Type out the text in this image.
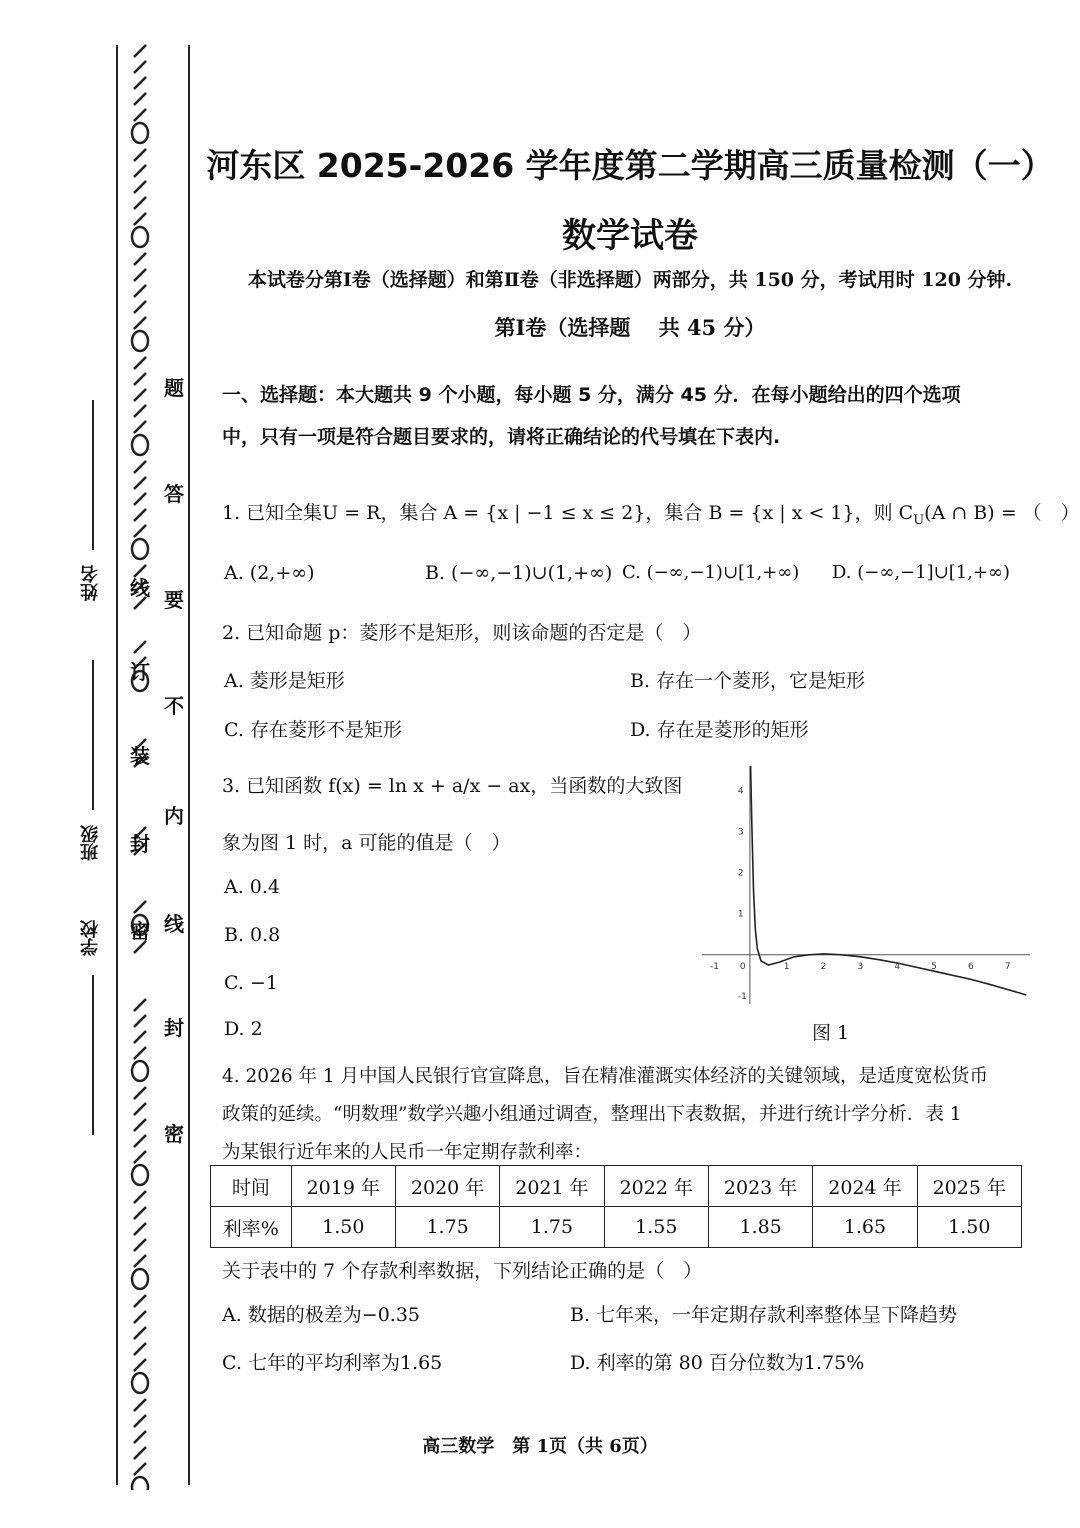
密
封
装
订
线
密
封
线
内
不
要
答
题
姓名
班级
学校
河东区 2025-2026 学年度第二学期高三质量检测（一）
数学试卷
本试卷分第Ⅰ卷（选择题）和第Ⅱ卷（非选择题）两部分，共 150 分，考试用时 120 分钟.
第Ⅰ卷（选择题　 共 45 分）
一、选择题：本大题共 9 个小题，每小题 5 分，满分 45 分．在每小题给出的四个选项
中，只有一项是符合题目要求的，请将正确结论的代号填在下表内.
1. 已知全集U = R，集合 A = {x | −1 ≤ x ≤ 2}，集合 B = {x | x < 1}，则 $C_U(A$ ∩ B) = （　）
A. (2,+∞)	B. (−∞,−1)∪(1,+∞) C. (−∞,−1)∪[1,+∞) D. (−∞,−1]∪[1,+∞)
2. 已知命题 p：菱形不是矩形，则该命题的否定是（　）
A. 菱形是矩形	B. 存在一个菱形，它是矩形
C. 存在菱形不是矩形	D. 存在是菱形的矩形
3. 已知函数 f(x) = ln x + a/x − ax，当函数的大致图
象为图 1 时，a 可能的值是（　）
A. 0.4
B. 0.8
C. −1
D. 2
-1 0	1	2	3	4	5	6	7
-1
1
2
3
4
图 1
4. 2026 年 1 月中国人民银行官宣降息，旨在精准灌溉实体经济的关键领域，是适度宽松货币
政策的延续。“明数理”数学兴趣小组通过调查，整理出下表数据，并进行统计学分析．表 1
为某银行近年来的人民币一年定期存款利率：
时间	2019 年	2020 年	2021 年	2022 年	2023 年	2024 年	2025 年
利率%	1.50	1.75	1.75	1.55	1.85	1.65	1.50
关于表中的 7 个存款利率数据，下列结论正确的是（　）
A. 数据的极差为−0.35	B. 七年来，一年定期存款利率整体呈下降趋势
C. 七年的平均利率为1.65	D. 利率的第 80 百分位数为1.75%
高三数学　第 1页（共 6页）
